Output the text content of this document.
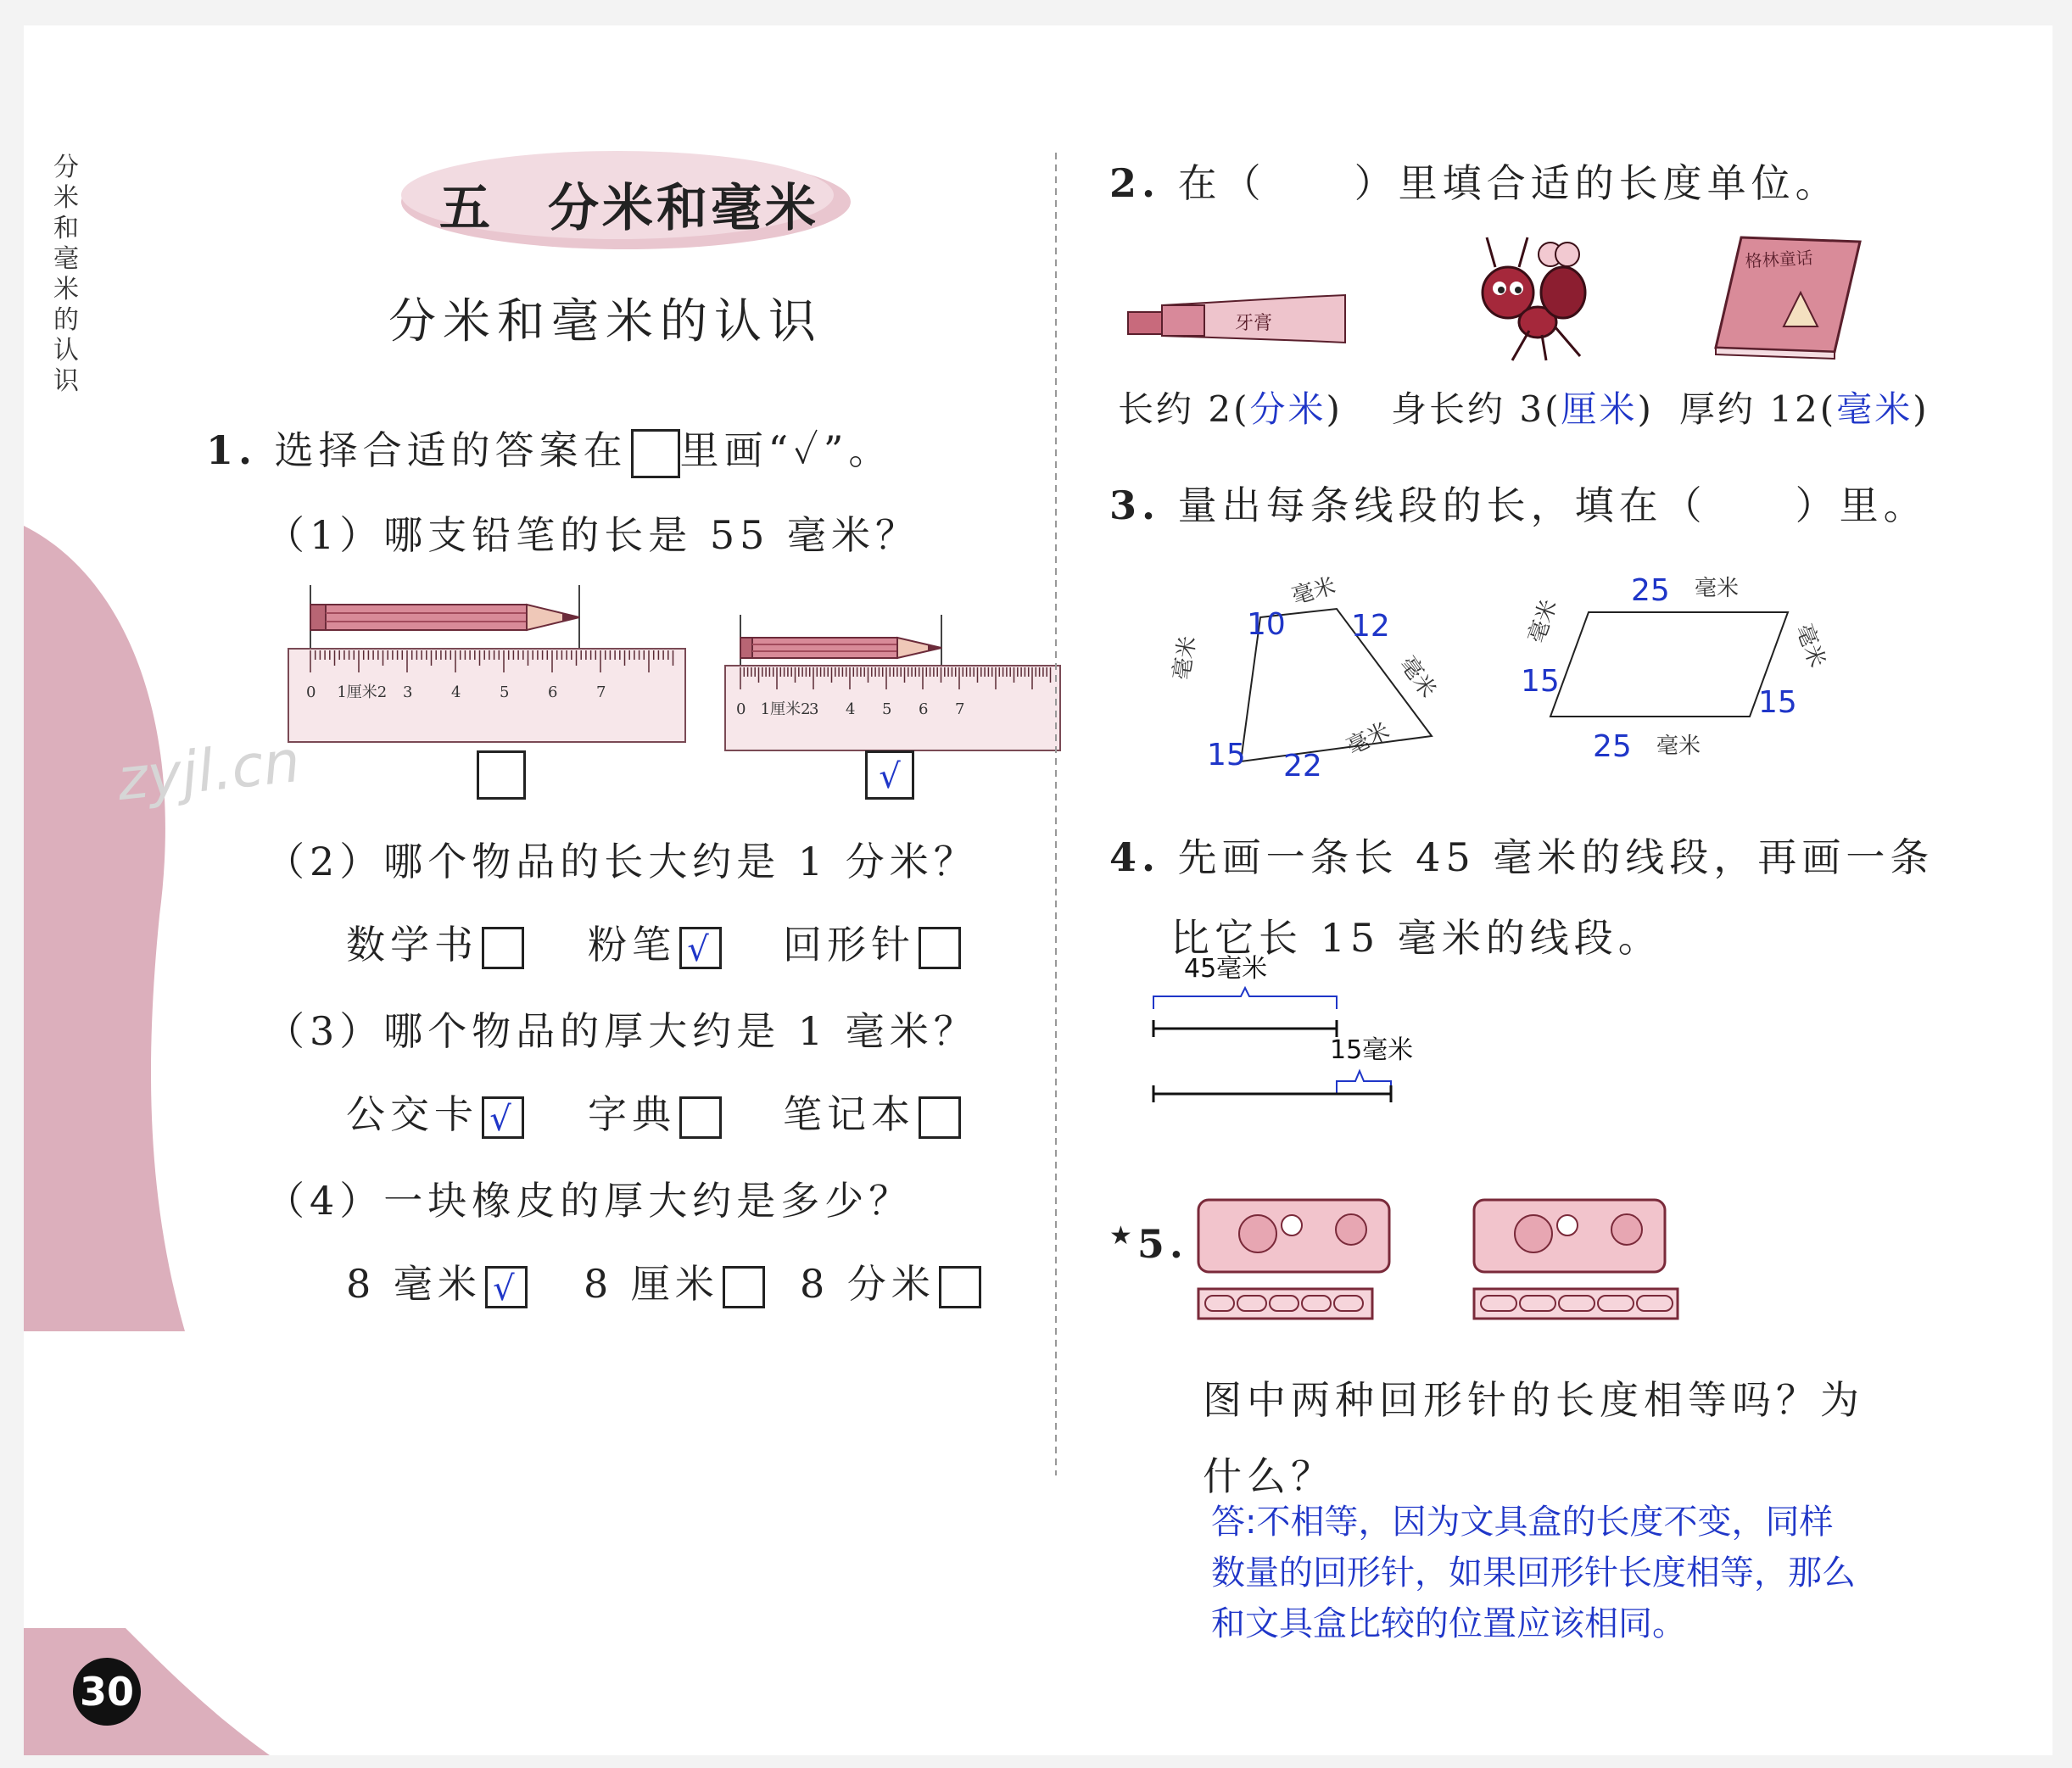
分米和毫米的认识
五　分米和毫米
分米和毫米的认识
1. 选择合适的答案在 里画“✓”。
（1）哪支铅笔的长是 55 毫米？
0 1厘米2 3	4	5	6	7
0 1厘米2
3 4 5 6 7
√
zyjl.cn
（2）哪个物品的长大约是 1 分米？
数学书	粉笔 √ 回形针
（3）哪个物品的厚大约是 1 毫米？
公交卡 √ 字典	笔记本
（4）一块橡皮的厚大约是多少？
8 毫米 √ 8 厘米	8 分米
30
2. 在（　　）里填合适的长度单位。
牙膏
格林童话
长约 2(分米) 身长约 3(厘米) 厚约 12(毫米)
3. 量出每条线段的长，填在（　　）里。
10
毫米
12
毫米
22
毫米
15
毫米
25 毫米
15
毫米
15
毫米
25 毫米
4. 先画一条长 45 毫米的线段，再画一条
比它长 15 毫米的线段。
45毫米
15毫米
★5.
图中两种回形针的长度相等吗？为
什么？
答:不相等，因为文具盒的长度不变，同样
数量的回形针，如果回形针长度相等，那么
和文具盒比较的位置应该相同。
